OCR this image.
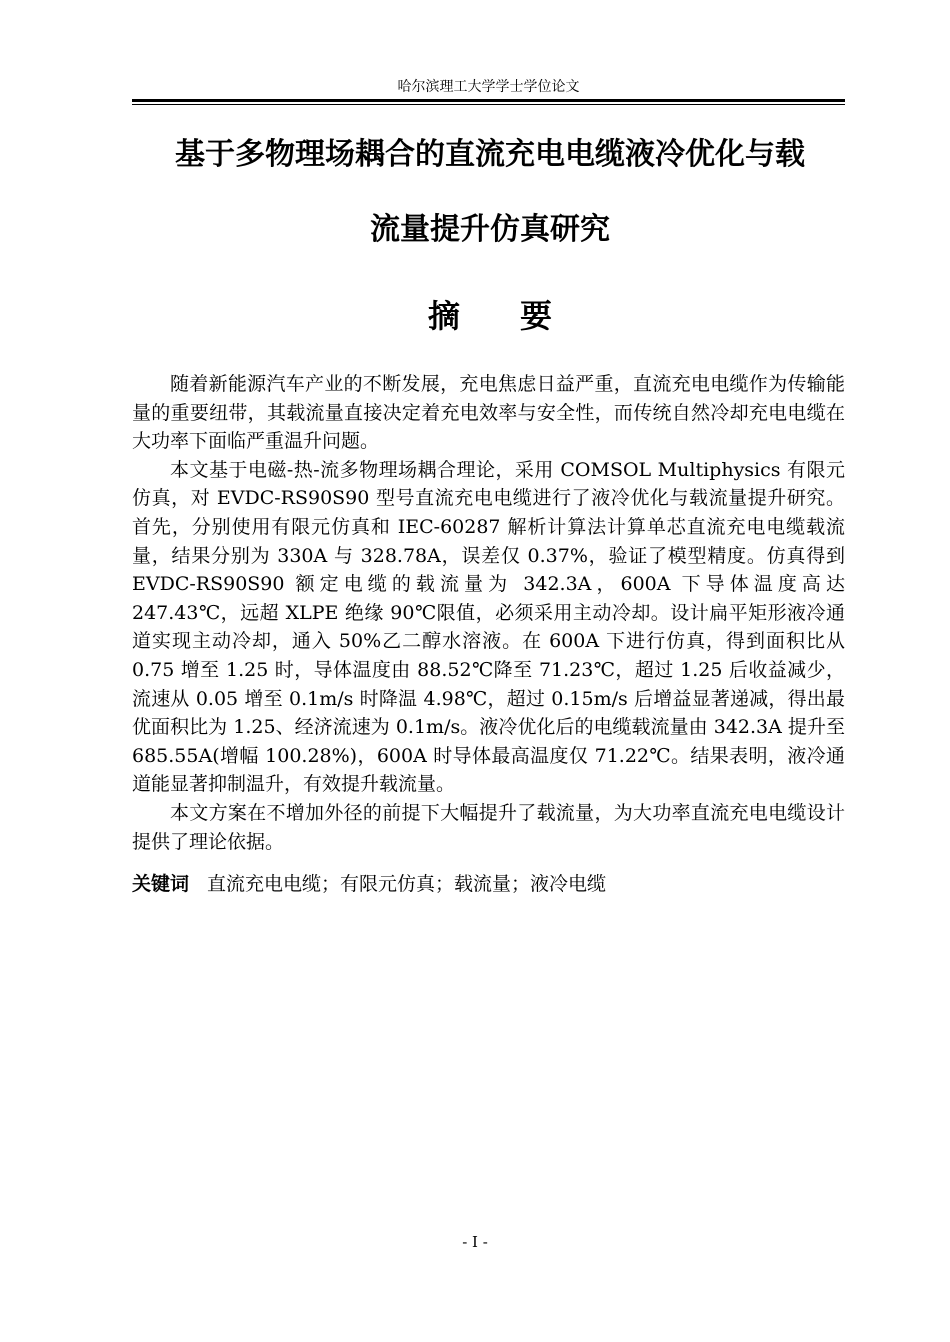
哈尔滨理工大学学士学位论文
基于多物理场耦合的直流充电电缆液冷优化与载
流量提升仿真研究
摘要

随着新能源汽车产业的不断发展，充电焦虑日益严重，直流充电电缆作为传输能量的重要纽带，其载流量直接决定着充电效率与安全性，而传统自然冷却充电电缆在大功率下面临严重温升问题。

本文基于电磁-热-流多物理场耦合理论，采用 COMSOL Multiphysics 有限元仿真，对 EVDC-RS90S90 型号直流充电电缆进行了液冷优化与载流量提升研究。首先，分别使用有限元仿真和 IEC-60287 解析计算法计算单芯直流充电电缆载流量，结果分别为 330A 与 328.78A，误差仅 0.37%，验证了模型精度。仿真得到 EVDC-RS90S90 额定电缆的载流量为 342.3A，600A 下导体温度高达 247.43℃，远超 XLPE 绝缘 90℃限值，必须采用主动冷却。设计扁平矩形液冷通道实现主动冷却，通入 50%乙二醇水溶液。在 600A 下进行仿真，得到面积比从 0.75 增至 1.25 时，导体温度由 88.52℃降至 71.23℃，超过 1.25 后收益减少，流速从 0.05 增至 0.1m/s 时降温 4.98℃，超过 0.15m/s 后增益显著递减，得出最优面积比为 1.25、经济流速为 0.1m/s。液冷优化后的电缆载流量由 342.3A 提升至 685.55A(增幅 100.28%)，600A 时导体最高温度仅 71.22℃。结果表明，液冷通道能显著抑制温升，有效提升载流量。

本文方案在不增加外径的前提下大幅提升了载流量，为大功率直流充电电缆设计提供了理论依据。

关键词 直流充电电缆；有限元仿真；载流量；液冷电缆
- I -
